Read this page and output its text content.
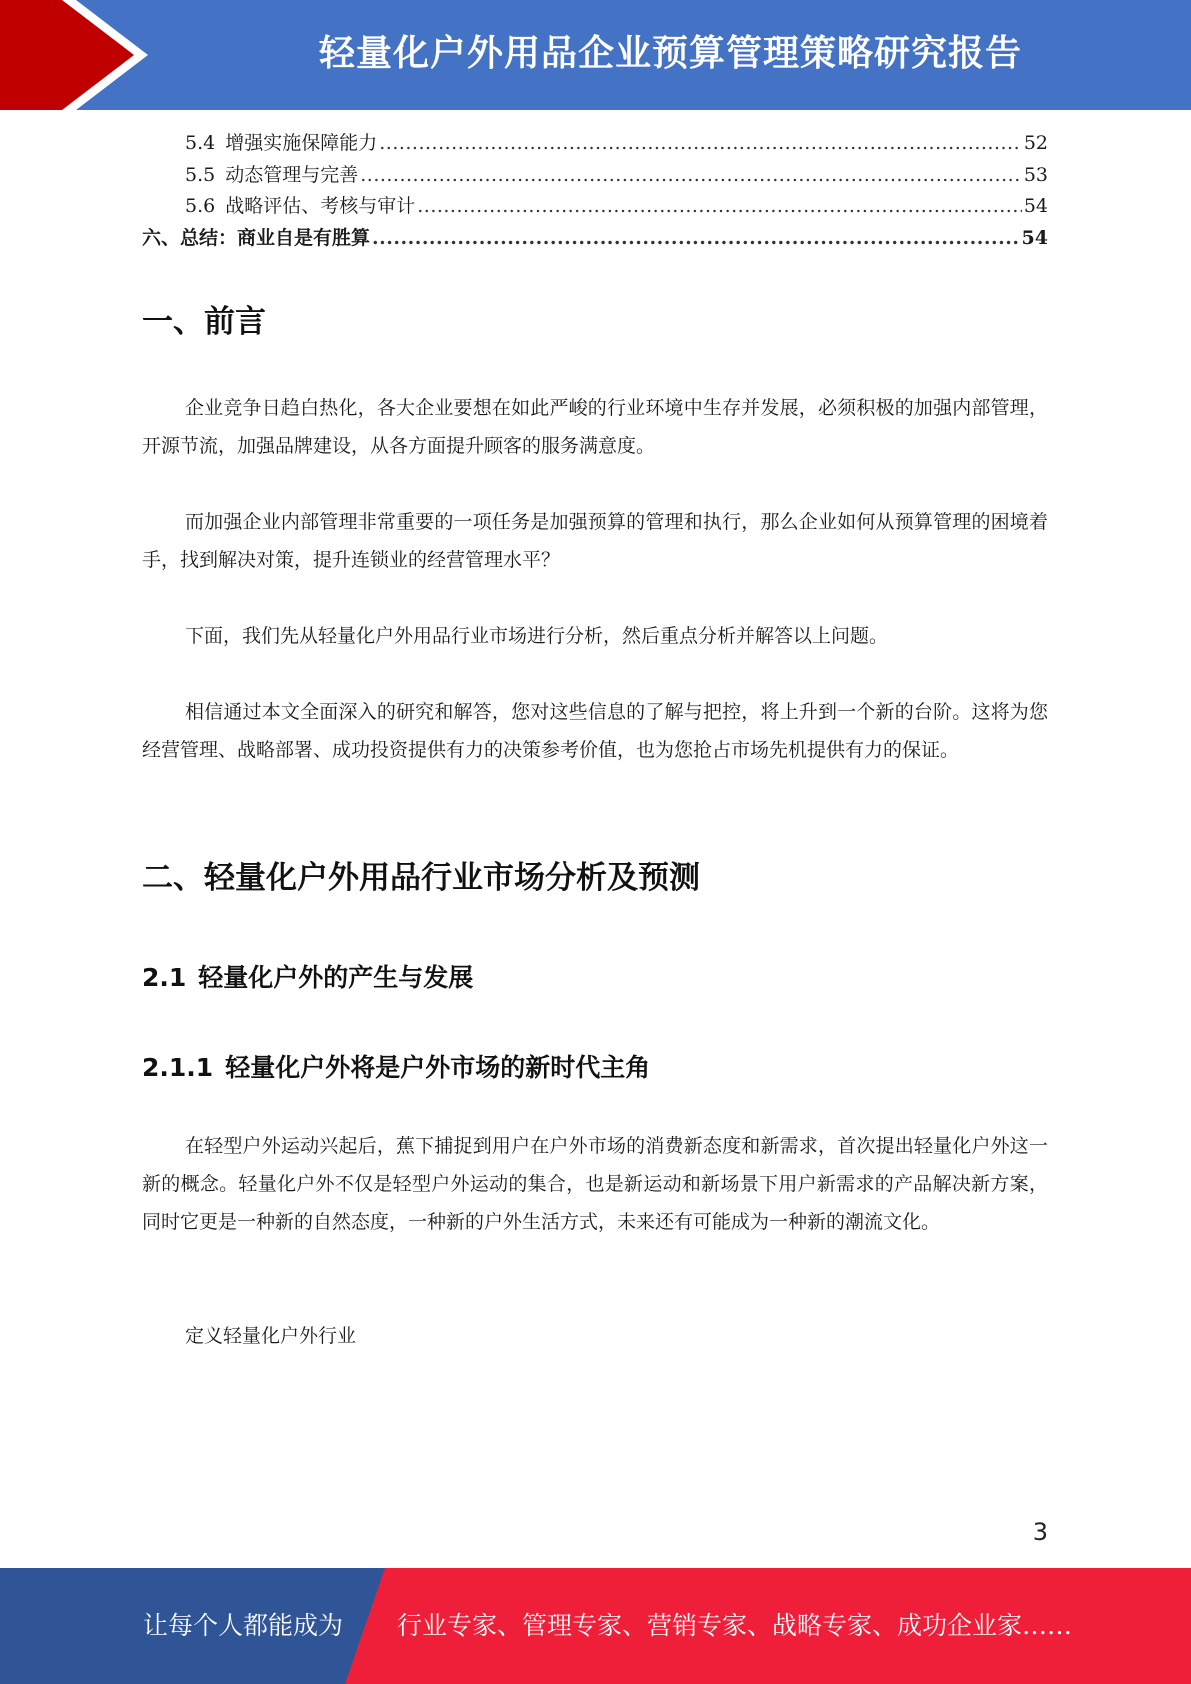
轻量化户外用品企业预算管理策略研究报告
5.4 增强实施保障能力 .....	52
5.5 动态管理与完善 .....	53
5.6 战略评估、考核与审计 .....	54
六、总结：商业自是有胜算 .....	54
一、前言

企业竞争日趋白热化，各大企业要想在如此严峻的行业环境中生存并发展，必须积极的加强内部管理，开源节流，加强品牌建设，从各方面提升顾客的服务满意度。

而加强企业内部管理非常重要的一项任务是加强预算的管理和执行，那么企业如何从预算管理的困境着手，找到解决对策，提升连锁业的经营管理水平？

下面，我们先从轻量化户外用品行业市场进行分析，然后重点分析并解答以上问题。

相信通过本文全面深入的研究和解答，您对这些信息的了解与把控，将上升到一个新的台阶。这将为您经营管理、战略部署、成功投资提供有力的决策参考价值，也为您抢占市场先机提供有力的保证。

二、轻量化户外用品行业市场分析及预测
2.1 轻量化户外的产生与发展
2.1.1 轻量化户外将是户外市场的新时代主角

在轻型户外运动兴起后，蕉下捕捉到用户在户外市场的消费新态度和新需求，首次提出轻量化户外这一新的概念。轻量化户外不仅是轻型户外运动的集合，也是新运动和新场景下用户新需求的产品解决新方案，同时它更是一种新的自然态度，一种新的户外生活方式，未来还有可能成为一种新的潮流文化。

定义轻量化户外行业

3
让每个人都能成为 行业专家、管理专家、营销专家、战略专家、成功企业家……
